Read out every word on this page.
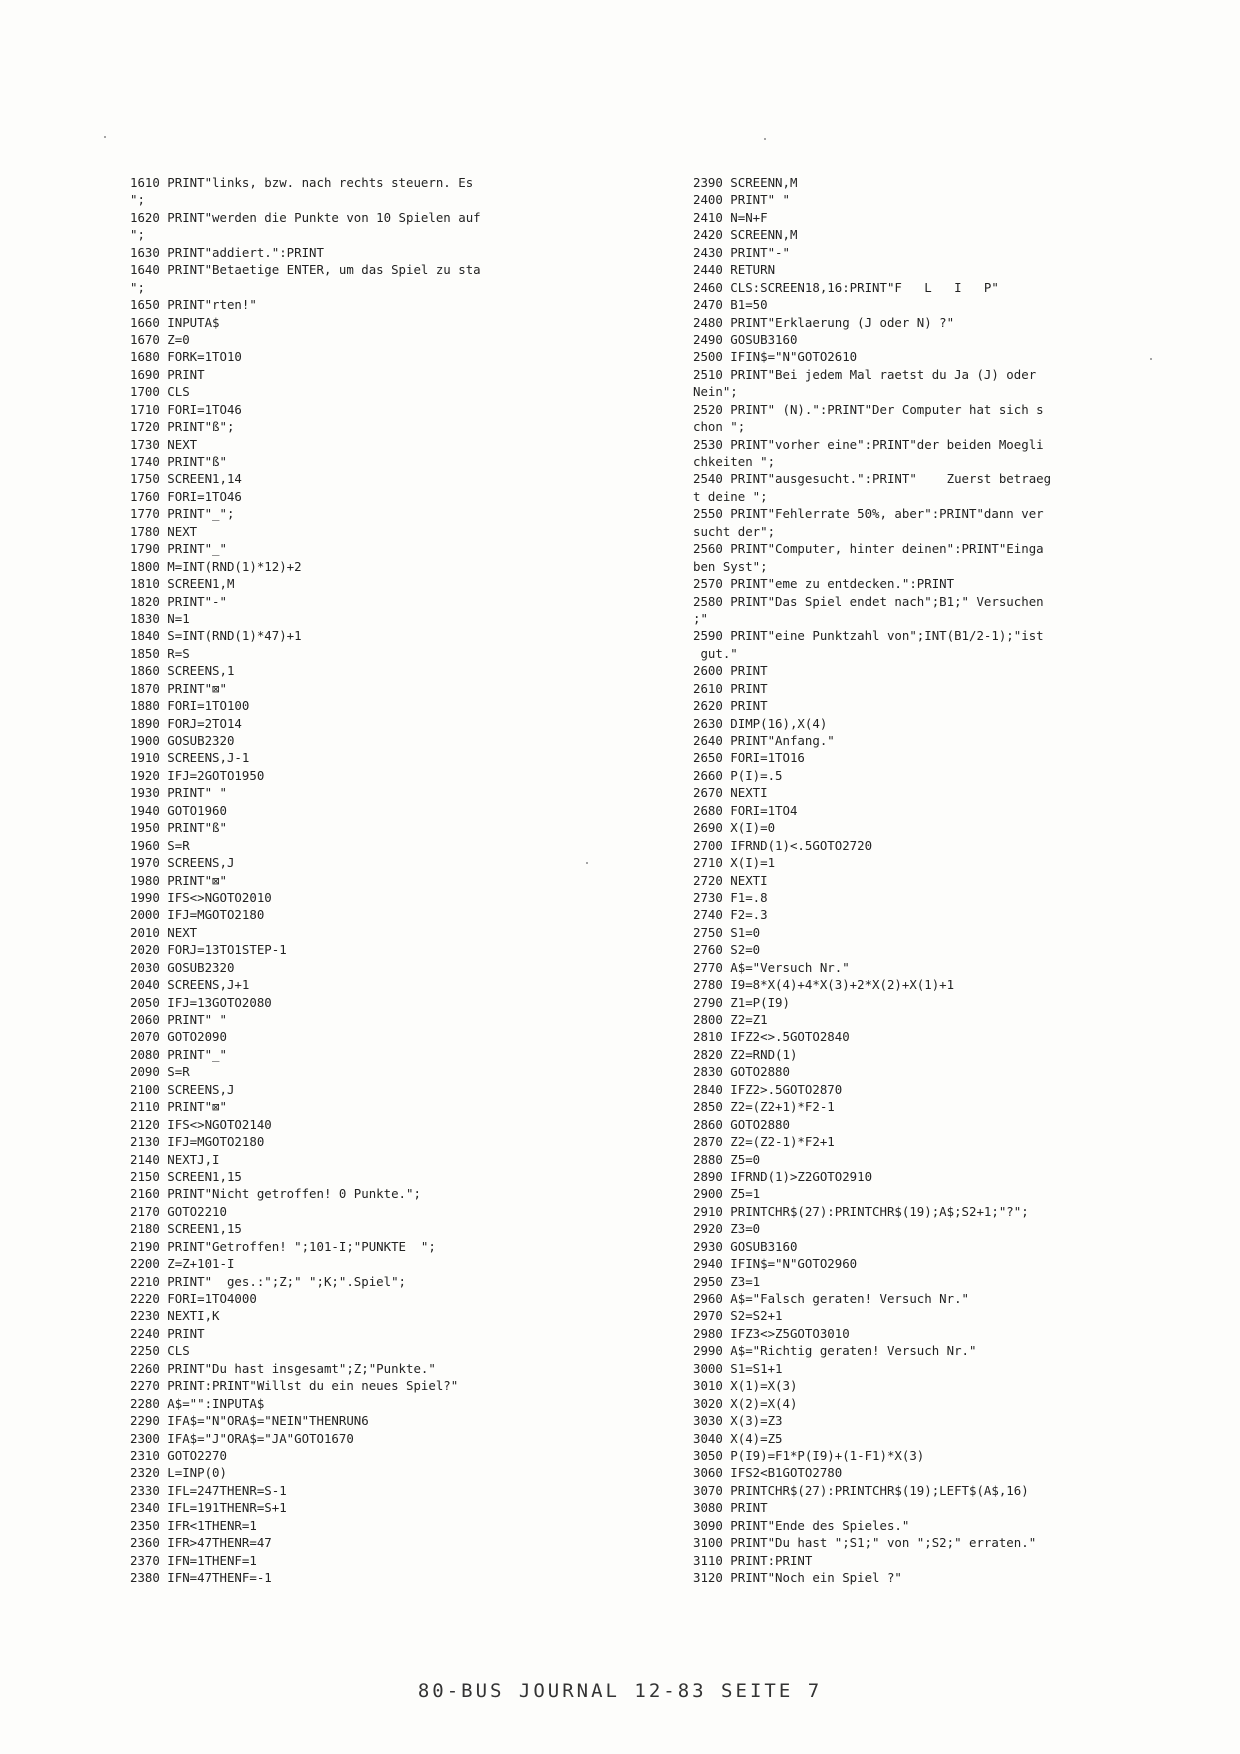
1610 PRINT"links, bzw. nach rechts steuern. Es
";
1620 PRINT"werden die Punkte von 10 Spielen auf
";
1630 PRINT"addiert.":PRINT
1640 PRINT"Betaetige ENTER, um das Spiel zu sta
";
1650 PRINT"rten!"
1660 INPUTA$
1670 Z=0
1680 FORK=1TO10
1690 PRINT
1700 CLS
1710 FORI=1TO46
1720 PRINT"ß";
1730 NEXT
1740 PRINT"ß"
1750 SCREEN1,14
1760 FORI=1TO46
1770 PRINT"_";
1780 NEXT
1790 PRINT"_"
1800 M=INT(RND(1)*12)+2
1810 SCREEN1,M
1820 PRINT"-"
1830 N=1
1840 S=INT(RND(1)*47)+1
1850 R=S
1860 SCREENS,1
1870 PRINT"⊠"
1880 FORI=1TO100
1890 FORJ=2TO14
1900 GOSUB2320
1910 SCREENS,J-1
1920 IFJ=2GOTO1950
1930 PRINT" "
1940 GOTO1960
1950 PRINT"ß"
1960 S=R
1970 SCREENS,J
1980 PRINT"⊠"
1990 IFS<>NGOTO2010
2000 IFJ=MGOTO2180
2010 NEXT
2020 FORJ=13TO1STEP-1
2030 GOSUB2320
2040 SCREENS,J+1
2050 IFJ=13GOTO2080
2060 PRINT" "
2070 GOTO2090
2080 PRINT"_"
2090 S=R
2100 SCREENS,J
2110 PRINT"⊠"
2120 IFS<>NGOTO2140
2130 IFJ=MGOTO2180
2140 NEXTJ,I
2150 SCREEN1,15
2160 PRINT"Nicht getroffen! 0 Punkte.";
2170 GOTO2210
2180 SCREEN1,15
2190 PRINT"Getroffen! ";101-I;"PUNKTE  ";
2200 Z=Z+101-I
2210 PRINT"  ges.:";Z;" ";K;".Spiel";
2220 FORI=1TO4000
2230 NEXTI,K
2240 PRINT
2250 CLS
2260 PRINT"Du hast insgesamt";Z;"Punkte."
2270 PRINT:PRINT"Willst du ein neues Spiel?"
2280 A$="":INPUTA$
2290 IFA$="N"ORA$="NEIN"THENRUN6
2300 IFA$="J"ORA$="JA"GOTO1670
2310 GOTO2270
2320 L=INP(0)
2330 IFL=247THENR=S-1
2340 IFL=191THENR=S+1
2350 IFR<1THENR=1
2360 IFR>47THENR=47
2370 IFN=1THENF=1
2380 IFN=47THENF=-1
2390 SCREENN,M
2400 PRINT" "
2410 N=N+F
2420 SCREENN,M
2430 PRINT"-"
2440 RETURN
2460 CLS:SCREEN18,16:PRINT"F   L   I   P"
2470 B1=50
2480 PRINT"Erklaerung (J oder N) ?"
2490 GOSUB3160
2500 IFIN$="N"GOTO2610
2510 PRINT"Bei jedem Mal raetst du Ja (J) oder
Nein";
2520 PRINT" (N).":PRINT"Der Computer hat sich s
chon ";
2530 PRINT"vorher eine":PRINT"der beiden Moegli
chkeiten ";
2540 PRINT"ausgesucht.":PRINT"    Zuerst betraeg
t deine ";
2550 PRINT"Fehlerrate 50%, aber":PRINT"dann ver
sucht der";
2560 PRINT"Computer, hinter deinen":PRINT"Einga
ben Syst";
2570 PRINT"eme zu entdecken.":PRINT
2580 PRINT"Das Spiel endet nach";B1;" Versuchen
;"
2590 PRINT"eine Punktzahl von";INT(B1/2-1);"ist
gut."
2600 PRINT
2610 PRINT
2620 PRINT
2630 DIMP(16),X(4)
2640 PRINT"Anfang."
2650 FORI=1TO16
2660 P(I)=.5
2670 NEXTI
2680 FORI=1TO4
2690 X(I)=0
2700 IFRND(1)<.5GOTO2720
2710 X(I)=1
2720 NEXTI
2730 F1=.8
2740 F2=.3
2750 S1=0
2760 S2=0
2770 A$="Versuch Nr."
2780 I9=8*X(4)+4*X(3)+2*X(2)+X(1)+1
2790 Z1=P(I9)
2800 Z2=Z1
2810 IFZ2<>.5GOTO2840
2820 Z2=RND(1)
2830 GOTO2880
2840 IFZ2>.5GOTO2870
2850 Z2=(Z2+1)*F2-1
2860 GOTO2880
2870 Z2=(Z2-1)*F2+1
2880 Z5=0
2890 IFRND(1)>Z2GOTO2910
2900 Z5=1
2910 PRINTCHR$(27):PRINTCHR$(19);A$;S2+1;"?";
2920 Z3=0
2930 GOSUB3160
2940 IFIN$="N"GOTO2960
2950 Z3=1
2960 A$="Falsch geraten! Versuch Nr."
2970 S2=S2+1
2980 IFZ3<>Z5GOTO3010
2990 A$="Richtig geraten! Versuch Nr."
3000 S1=S1+1
3010 X(1)=X(3)
3020 X(2)=X(4)
3030 X(3)=Z3
3040 X(4)=Z5
3050 P(I9)=F1*P(I9)+(1-F1)*X(3)
3060 IFS2<B1GOTO2780
3070 PRINTCHR$(27):PRINTCHR$(19);LEFT$(A$,16)
3080 PRINT
3090 PRINT"Ende des Spieles."
3100 PRINT"Du hast ";S1;" von ";S2;" erraten."
3110 PRINT:PRINT
3120 PRINT"Noch ein Spiel ?"
80-BUS JOURNAL 12-83 SEITE 7
